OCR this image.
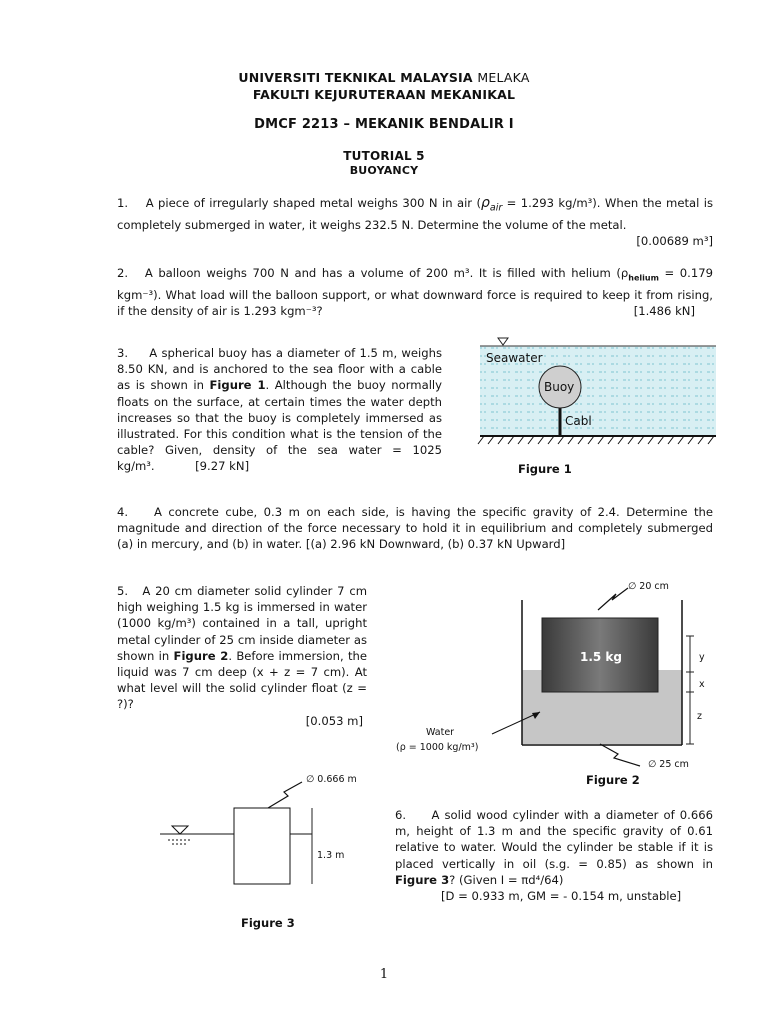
UNIVERSITI TEKNIKAL MALAYSIA MELAKA
FAKULTI KEJURUTERAAN MEKANIKAL
DMCF 2213 – MEKANIK BENDALIR I
TUTORIAL 5
BUOYANCY
1. A piece of irregularly shaped metal weighs 300 N in air ($\rho_{air} = 1.293$ kg/m³). When the metal is completely submerged in water, it weighs 232.5 N. Determine the volume of the metal.
[0.00689 m³]
2. A balloon weighs 700 N and has a volume of 200 m³. It is filled with helium ($\rho_{helium} = 0.179$ kgm⁻³). What load will the balloon support, or what downward force is required to keep it from rising, if the density of air is 1.293 kgm⁻³?	[1.486 kN]
3. A spherical buoy has a diameter of 1.5 m, weighs 8.50 KN, and is anchored to the sea floor with a cable as is shown in Figure 1. Although the buoy normally floats on the surface, at certain times the water depth increases so that the buoy is completely immersed as illustrated. For this condition what is the tension of the cable? Given, density of the sea water = 1025 kg/m³.	[9.27 kN]
Seawater
Buoy
Cabl
Figure 1
4. A concrete cube, 0.3 m on each side, is having the specific gravity of 2.4. Determine the magnitude and direction of the force necessary to hold it in equilibrium and completely submerged (a) in mercury, and (b) in water. [(a) 2.96 kN Downward, (b) 0.37 kN Upward]
5. A 20 cm diameter solid cylinder 7 cm high weighing 1.5 kg is immersed in water (1000 kg/m³) contained in a tall, upright metal cylinder of 25 cm inside diameter as shown in Figure 2. Before immersion, the liquid was 7 cm deep (x + z = 7 cm). At what level will the solid cylinder float (z = ?)?
[0.053 m]
∅ 20 cm
1.5 kg	y
x
z
Water
(ρ = 1000 kg/m³)
∅ 25 cm
Figure 2
∅ 0.666 m
1.3 m
Figure 3
6. A solid wood cylinder with a diameter of 0.666 m, height of 1.3 m and the specific gravity of 0.61 relative to water. Would the cylinder be stable if it is placed vertically in oil (s.g. = 0.85) as shown in Figure 3? (Given I = πd⁴/64)
[D = 0.933 m, GM = - 0.154 m, unstable]
1
